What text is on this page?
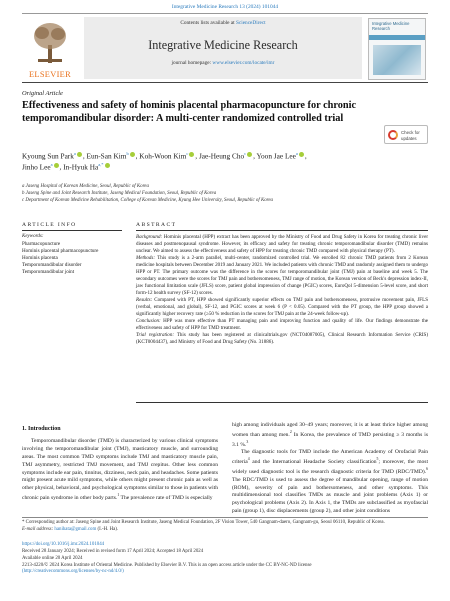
Integrative Medicine Research 13 (2024) 101044
ELSEVIER
Contents lists available at ScienceDirect
Integrative Medicine Research
journal homepage: www.elsevier.com/locate/imr
Integrative Medicine Research
Original Article
Effectiveness and safety of hominis placental pharmacopuncture for chronic temporomandibular disorder: A multi-center randomized controlled trial
Check for
updates
Kyoung Sun Park$^a$ , Eun-San Kim$^b$ , Koh-Woon Kim$^c$ , Jae-Heung Cho$^c$ , Yoon Jae Lee$^a$ ,
Jinho Lee$^a$ , In-Hyuk $Ha^{a,*}$
a Jaseng Hospital of Korean Medicine, Seoul, Republic of Korea
b Jaseng Spine and Joint Research Institute, Jaseng Medical Foundation, Seoul, Republic of Korea
c Department of Korean Medicine Rehabilitation, College of Korean Medicine, Kyung Hee University, Seoul, Republic of Korea
ARTICLE INFO	ABSTRACT
Keywords:
Pharmacopuncture
Hominis placental pharmacopuncture
Hominis placenta
Temporomandibular disorder
Temporomandibular joint

Background: Hominis placental (HPP) extract has been approved by the Ministry of Food and Drug Safety in Korea for treating chronic liver diseases and postmenopausal syndrome. However, its efficacy and safety for treating chronic temporomandibular disorder (TMD) remains unclear. We aimed to assess the effectiveness and safety of HPP for treating chronic TMD compared with physical therapy (PT).

Methods: This study is a 2-arm parallel, multi-center, randomized controlled trial. We enrolled 82 chronic TMD patients from 2 Korean medicine hospitals between December 2019 and January 2021. We included patients with chronic TMD and randomly assigned them to undergo HPP or PT. The primary outcome was the difference in the scores for temporomandibular joint (TMJ) pain at baseline and week 5. The secondary outcomes were the scores for TMJ pain and bothersomeness, TMJ range of motion, the Korean version of Beck's depression index-II, jaw functional limitation scale (JFLS) score, patient global impression of change (PGIC) scores, EuroQol 5-dimension 5-level score, and short form-12 health survey (SF-12) scores.

Results: Compared with PT, HPP showed significantly superior effects on TMJ pain and bothersomeness, protrusive movement pain, JFLS (verbal, emotional, and global), SF-12, and PGIC scores at week 6 (P < 0.05). Compared with the PT group, the HPP group showed a significantly higher recovery rate (≥50 % reduction in the scores for TMJ pain at the 24-week follow-up).

Conclusion: HPP was more effective than PT managing pain and improving function and quality of life. Our findings demonstrate the effectiveness and safety of HPP for TMD treatment.

Trial registration: This study has been registered at clinicaltrials.gov (NCT04087005), Clinical Research Information Service (CRIS) (KCT0004437), and Ministry of Food and Drug Safety (No. 31886).

1. Introduction
Temporomandibular disorder (TMD) is characterized by various clinical symptoms involving the temporomandibular joint (TMJ), masticatory muscle, and surrounding areas. The most common TMD symptoms include TMJ and masticatory muscle pain, TMJ asymmetry, restricted TMJ movement, and TMJ crepitus. Other less common symptoms include ear pain, tinnitus, dizziness, neck pain, and headaches. Some patients might present acute mild symptoms, while others might present chronic pain as well as other physical, behavioral, and psychological symptoms similar to those in patients with chronic pain syndrome in other body parts.$^1$ The prevalence rate of TMD is especially

high among individuals aged 30–49 years; moreover, it is at least thrice higher among women than among men.$^2$ In Korea, the prevalence of TMD persisting ≥ 3 months is 3.1 %.$^3$

The diagnostic tools for TMD include the American Academy of Orofacial Pain criteria$^4$ and the International Headache Society classification$^5$; moreover, the most widely used diagnostic tool is the research diagnostic criteria for TMD (RDC/TMD).$^6$ The RDC/TMD is used to assess the degree of mandibular opening, range of motion (ROM), severity of pain and bothersomeness, and other symptoms. This multidimensional tool classifies TMDs as muscle and joint problems (Axis 1) or psychological problems (Axis 2). In Axis 1, the TMDs are subclassified as myofascial pain (group 1), disc displacements (group 2), and other joint conditions

* Corresponding author at: Jaseng Spine and Joint Research Institute, Jaseng Medical Foundation, 2F Vision Tower, 540 Gangnam-daero, Gangnam-gu, Seoul 06110, Republic of Korea.
E-mail address: hanihata@gmail.com (I.-H. Ha).
https://doi.org/10.1016/j.imr.2024.101044
Received 28 January 2024; Received in revised form 17 April 2024; Accepted 18 April 2024
Available online 20 April 2024
2213-4220/© 2024 Korea Institute of Oriental Medicine. Published by Elsevier B.V. This is an open access article under the CC BY-NC-ND license
(http://creativecommons.org/licenses/by-nc-nd/4.0/)
